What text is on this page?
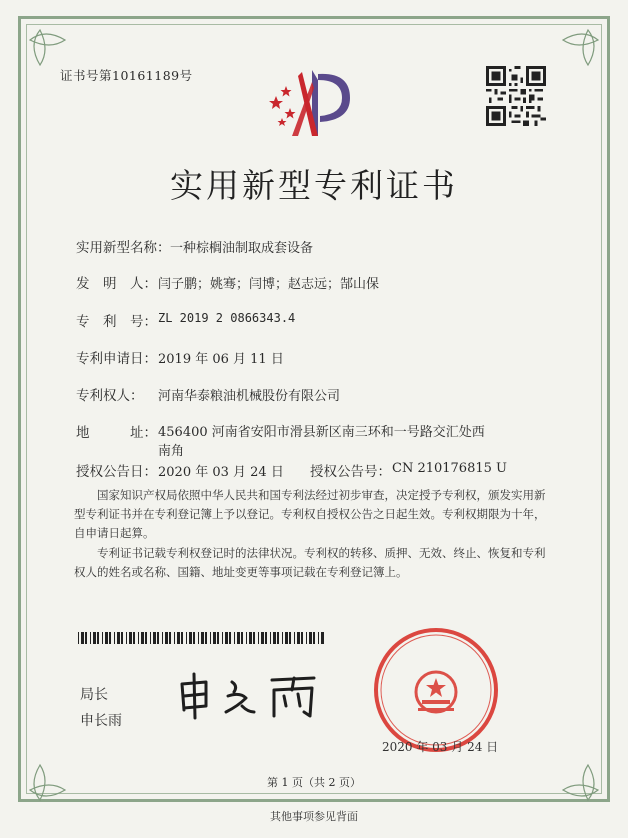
证书号第10161189号
实用新型专利证书
实用新型名称： 一种棕榈油制取成套设备
发　明　人： 闫子鹏；姚骞；闫博；赵志远；郜山保
专　利　号： ZL 2019 2 0866343.4
专利申请日： 2019 年 06 月 11 日
专利权人： 河南华泰粮油机械股份有限公司
地　　　址： 456400 河南省安阳市滑县新区南三环和一号路交汇处西
南角
授权公告日： 2020 年 03 月 24 日 授权公告号： CN 210176815 U
国家知识产权局依照中华人民共和国专利法经过初步审查，决定授予专利权，颁发实用新型专利证书并在专利登记簿上予以登记。专利权自授权公告之日起生效。专利权期限为十年，自申请日起算。
专利证书记载专利权登记时的法律状况。专利权的转移、质押、无效、终止、恢复和专利权人的姓名或名称、国籍、地址变更等事项记载在专利登记簿上。
局长
申长雨
2020 年 03 月 24 日
第 1 页（共 2 页）
其他事项参见背面
